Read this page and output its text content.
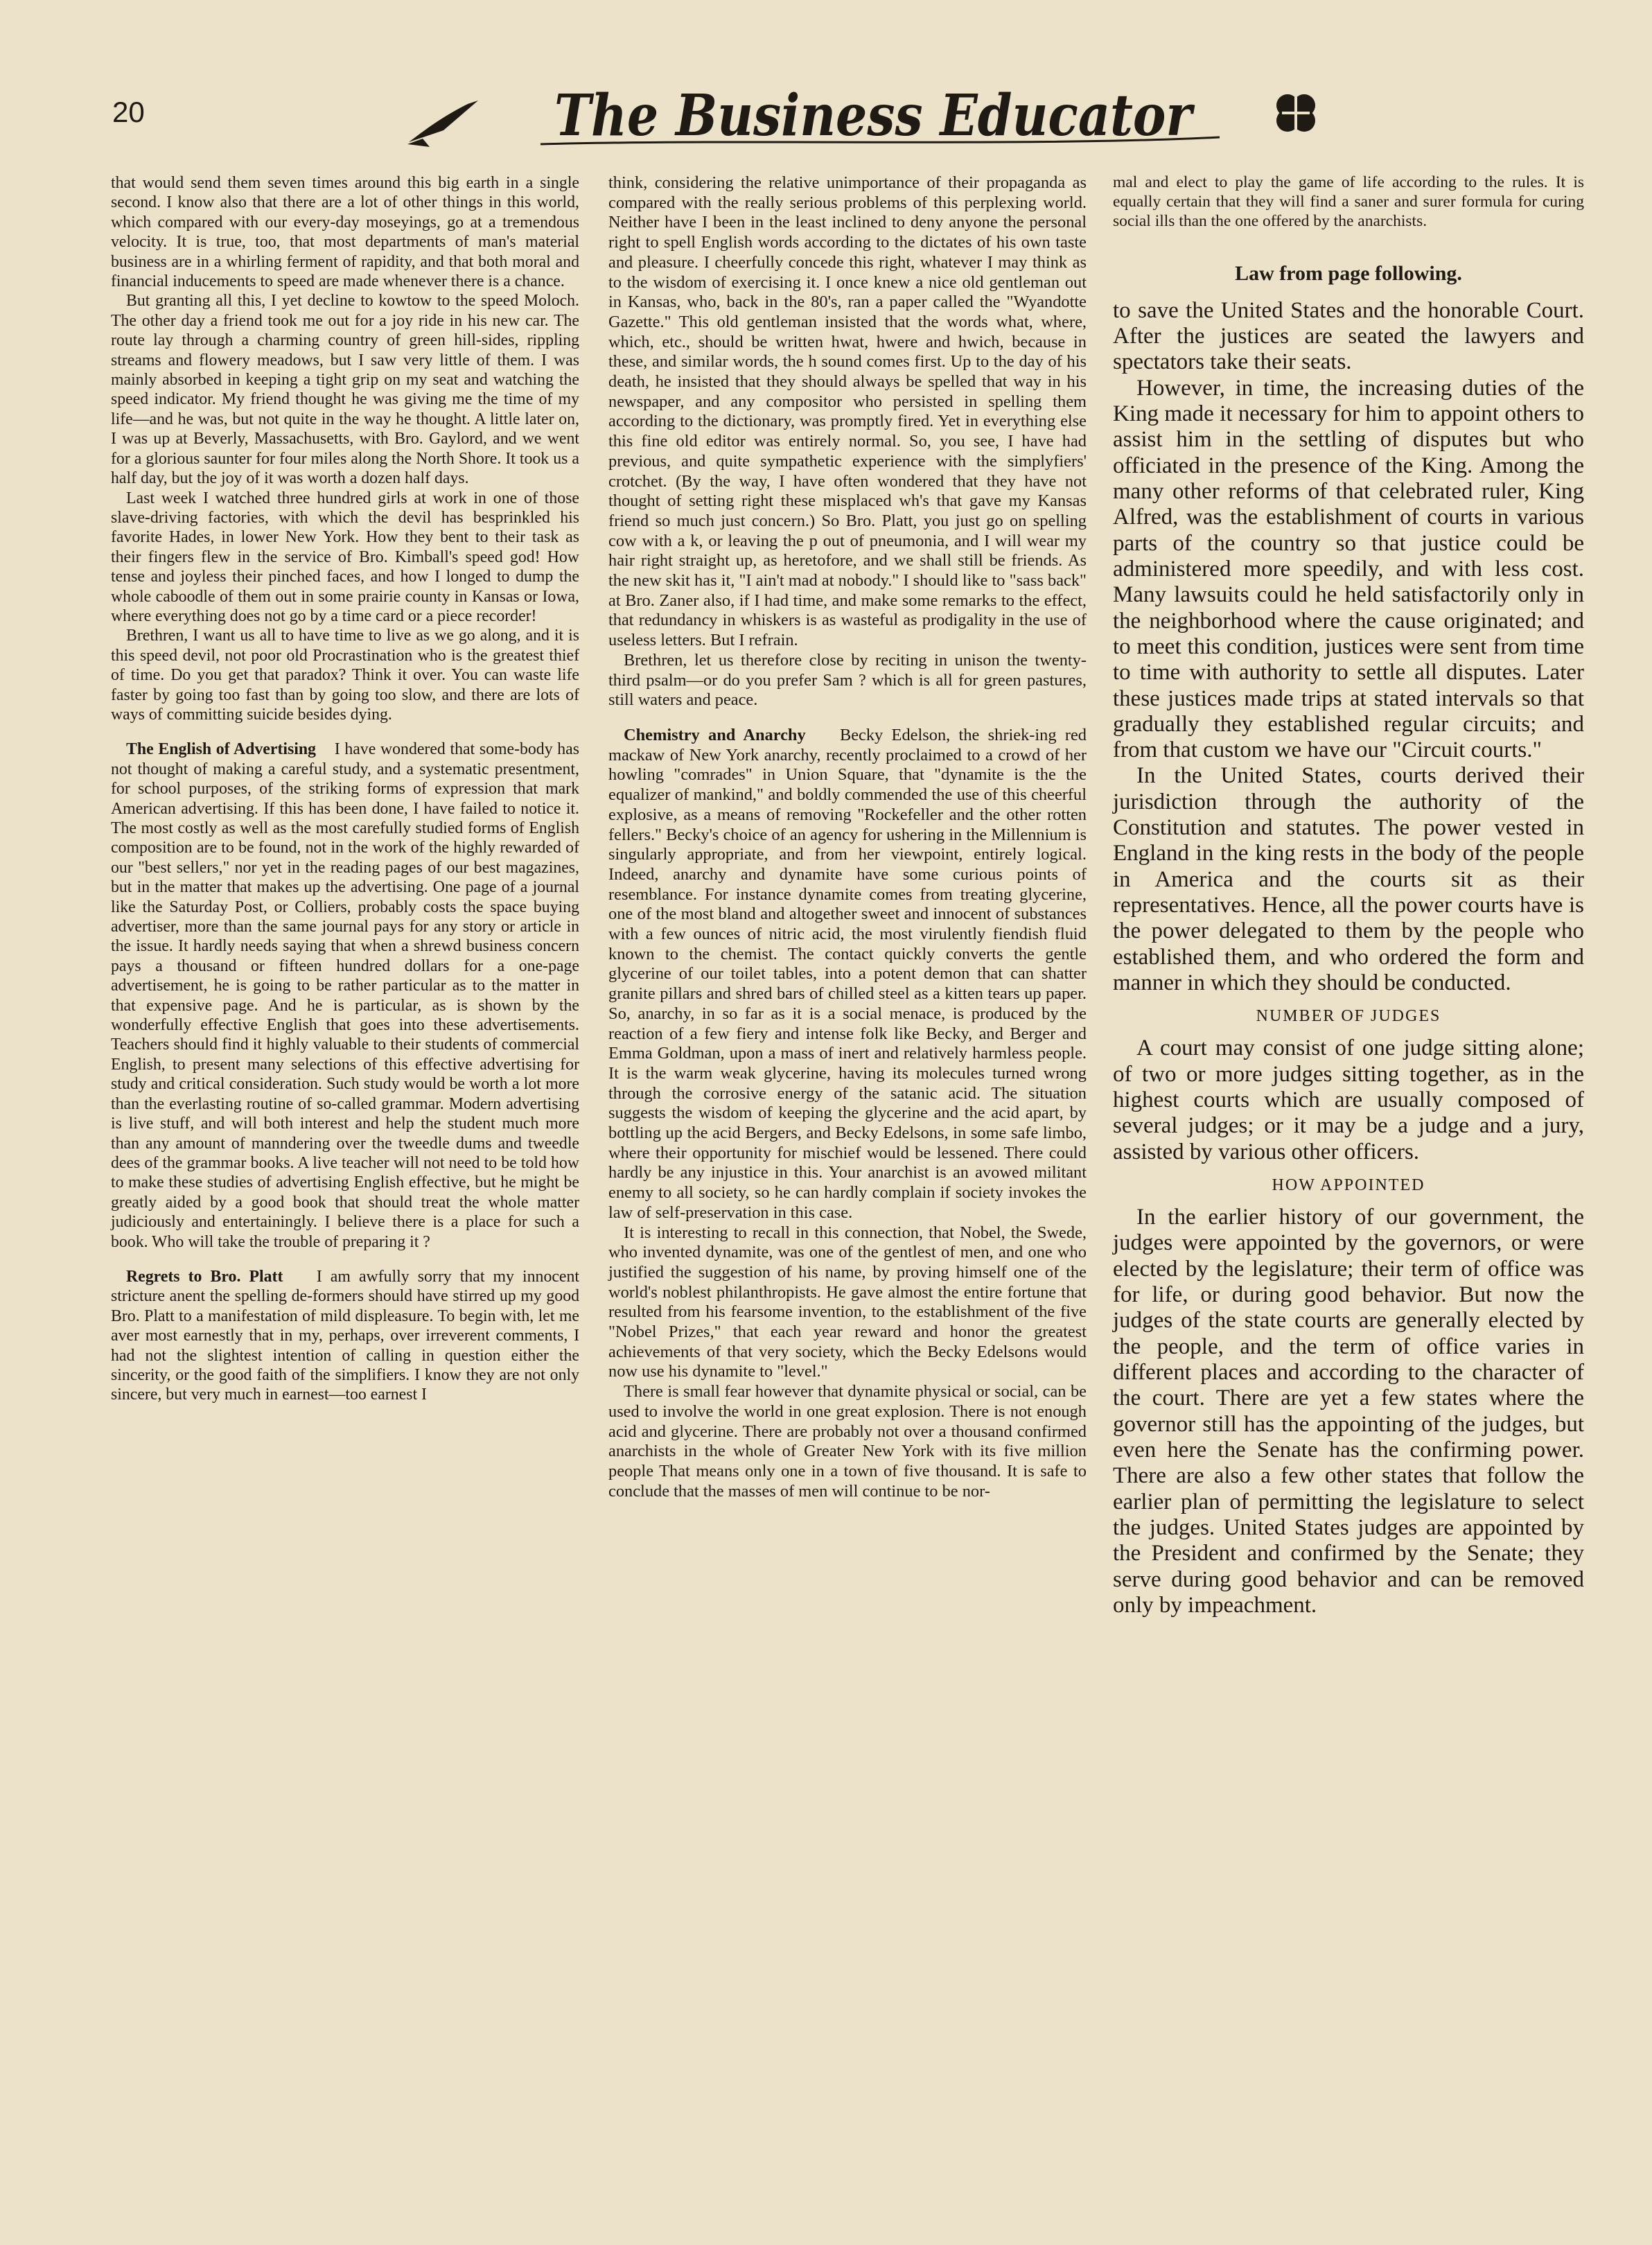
20	The Business Educator

that would send them seven times around this big earth in a single second. I know also that there are a lot of other things in this world, which compared with our every-day moseyings, go at a tremendous velocity. It is true, too, that most departments of man's material business are in a whirling ferment of rapidity, and that both moral and financial inducements to speed are made whenever there is a chance.

But granting all this, I yet decline to kowtow to the speed Moloch. The other day a friend took me out for a joy ride in his new car. The route lay through a charming country of green hill-sides, rippling streams and flowery meadows, but I saw very little of them. I was mainly absorbed in keeping a tight grip on my seat and watching the speed indicator. My friend thought he was giving me the time of my life—and he was, but not quite in the way he thought. A little later on, I was up at Beverly, Massachusetts, with Bro. Gaylord, and we went for a glorious saunter for four miles along the North Shore. It took us a half day, but the joy of it was worth a dozen half days.

Last week I watched three hundred girls at work in one of those slave-driving factories, with which the devil has besprinkled his favorite Hades, in lower New York. How they bent to their task as their fingers flew in the service of Bro. Kimball's speed god! How tense and joyless their pinched faces, and how I longed to dump the whole caboodle of them out in some prairie county in Kansas or Iowa, where everything does not go by a time card or a piece recorder!

Brethren, I want us all to have time to live as we go along, and it is this speed devil, not poor old Procrastination who is the greatest thief of time. Do you get that paradox? Think it over. You can waste life faster by going too fast than by going too slow, and there are lots of ways of committing suicide besides dying.

The English of Advertising I have wondered that some-body has not thought of making a careful study, and a systematic presentment, for school purposes, of the striking forms of expression that mark American advertising. If this has been done, I have failed to notice it. The most costly as well as the most carefully studied forms of English composition are to be found, not in the work of the highly rewarded of our "best sellers," nor yet in the reading pages of our best magazines, but in the matter that makes up the advertising. One page of a journal like the Saturday Post, or Colliers, probably costs the space buying advertiser, more than the same journal pays for any story or article in the issue. It hardly needs saying that when a shrewd business concern pays a thousand or fifteen hundred dollars for a one-page advertisement, he is going to be rather particular as to the matter in that expensive page. And he is particular, as is shown by the wonderfully effective English that goes into these advertisements. Teachers should find it highly valuable to their students of commercial English, to present many selections of this effective advertising for study and critical consideration. Such study would be worth a lot more than the everlasting routine of so-called grammar. Modern advertising is live stuff, and will both interest and help the student much more than any amount of manndering over the tweedle dums and tweedle dees of the grammar books. A live teacher will not need to be told how to make these studies of advertising English effective, but he might be greatly aided by a good book that should treat the whole matter judiciously and entertainingly. I believe there is a place for such a book. Who will take the trouble of preparing it ?

Regrets to Bro. Platt I am awfully sorry that my innocent stricture anent the spelling de-formers should have stirred up my good Bro. Platt to a manifestation of mild displeasure. To begin with, let me aver most earnestly that in my, perhaps, over irreverent comments, I had not the slightest intention of calling in question either the sincerity, or the good faith of the simplifiers. I know they are not only sincere, but very much in earnest—too earnest I

think, considering the relative unimportance of their propaganda as compared with the really serious problems of this perplexing world. Neither have I been in the least inclined to deny anyone the personal right to spell English words according to the dictates of his own taste and pleasure. I cheerfully concede this right, whatever I may think as to the wisdom of exercising it. I once knew a nice old gentleman out in Kansas, who, back in the 80's, ran a paper called the "Wyandotte Gazette." This old gentleman insisted that the words what, where, which, etc., should be written hwat, hwere and hwich, because in these, and similar words, the h sound comes first. Up to the day of his death, he insisted that they should always be spelled that way in his newspaper, and any compositor who persisted in spelling them according to the dictionary, was promptly fired. Yet in everything else this fine old editor was entirely normal. So, you see, I have had previous, and quite sympathetic experience with the simplyfiers' crotchet. (By the way, I have often wondered that they have not thought of setting right these misplaced wh's that gave my Kansas friend so much just concern.) So Bro. Platt, you just go on spelling cow with a k, or leaving the p out of pneumonia, and I will wear my hair right straight up, as heretofore, and we shall still be friends. As the new skit has it, "I ain't mad at nobody." I should like to "sass back" at Bro. Zaner also, if I had time, and make some remarks to the effect, that redundancy in whiskers is as wasteful as prodigality in the use of useless letters. But I refrain.

Brethren, let us therefore close by reciting in unison the twenty-third psalm—or do you prefer Sam ? which is all for green pastures, still waters and peace.

Chemistry and Anarchy Becky Edelson, the shriek-ing red mackaw of New York anarchy, recently proclaimed to a crowd of her howling "comrades" in Union Square, that "dynamite is the the equalizer of mankind," and boldly commended the use of this cheerful explosive, as a means of removing "Rockefeller and the other rotten fellers." Becky's choice of an agency for ushering in the Millennium is singularly appropriate, and from her viewpoint, entirely logical. Indeed, anarchy and dynamite have some curious points of resemblance. For instance dynamite comes from treating glycerine, one of the most bland and altogether sweet and innocent of substances with a few ounces of nitric acid, the most virulently fiendish fluid known to the chemist. The contact quickly converts the gentle glycerine of our toilet tables, into a potent demon that can shatter granite pillars and shred bars of chilled steel as a kitten tears up paper. So, anarchy, in so far as it is a social menace, is produced by the reaction of a few fiery and intense folk like Becky, and Berger and Emma Goldman, upon a mass of inert and relatively harmless people. It is the warm weak glycerine, having its molecules turned wrong through the corrosive energy of the satanic acid. The situation suggests the wisdom of keeping the glycerine and the acid apart, by bottling up the acid Bergers, and Becky Edelsons, in some safe limbo, where their opportunity for mischief would be lessened. There could hardly be any injustice in this. Your anarchist is an avowed militant enemy to all society, so he can hardly complain if society invokes the law of self-preservation in this case.

It is interesting to recall in this connection, that Nobel, the Swede, who invented dynamite, was one of the gentlest of men, and one who justified the suggestion of his name, by proving himself one of the world's noblest philanthropists. He gave almost the entire fortune that resulted from his fearsome invention, to the establishment of the five "Nobel Prizes," that each year reward and honor the greatest achievements of that very society, which the Becky Edelsons would now use his dynamite to "level."

There is small fear however that dynamite physical or social, can be used to involve the world in one great explosion. There is not enough acid and glycerine. There are probably not over a thousand confirmed anarchists in the whole of Greater New York with its five million people That means only one in a town of five thousand. It is safe to conclude that the masses of men will continue to be nor-

mal and elect to play the game of life according to the rules. It is equally certain that they will find a saner and surer formula for curing social ills than the one offered by the anarchists.

Law from page following.

to save the United States and the honorable Court. After the justices are seated the lawyers and spectators take their seats.

However, in time, the increasing duties of the King made it necessary for him to appoint others to assist him in the settling of disputes but who officiated in the presence of the King. Among the many other reforms of that celebrated ruler, King Alfred, was the establishment of courts in various parts of the country so that justice could be administered more speedily, and with less cost. Many lawsuits could he held satisfactorily only in the neighborhood where the cause originated; and to meet this condition, justices were sent from time to time with authority to settle all disputes. Later these justices made trips at stated intervals so that gradually they established regular circuits; and from that custom we have our "Circuit courts."

In the United States, courts derived their jurisdiction through the authority of the Constitution and statutes. The power vested in England in the king rests in the body of the people in America and the courts sit as their representatives. Hence, all the power courts have is the power delegated to them by the people who established them, and who ordered the form and manner in which they should be conducted.

NUMBER OF JUDGES

A court may consist of one judge sitting alone; of two or more judges sitting together, as in the highest courts which are usually composed of several judges; or it may be a judge and a jury, assisted by various other officers.

HOW APPOINTED

In the earlier history of our government, the judges were appointed by the governors, or were elected by the legislature; their term of office was for life, or during good behavior. But now the judges of the state courts are generally elected by the people, and the term of office varies in different places and according to the character of the court. There are yet a few states where the governor still has the appointing of the judges, but even here the Senate has the confirming power. There are also a few other states that follow the earlier plan of permitting the legislature to select the judges. United States judges are appointed by the President and confirmed by the Senate; they serve during good behavior and can be removed only by impeachment.
